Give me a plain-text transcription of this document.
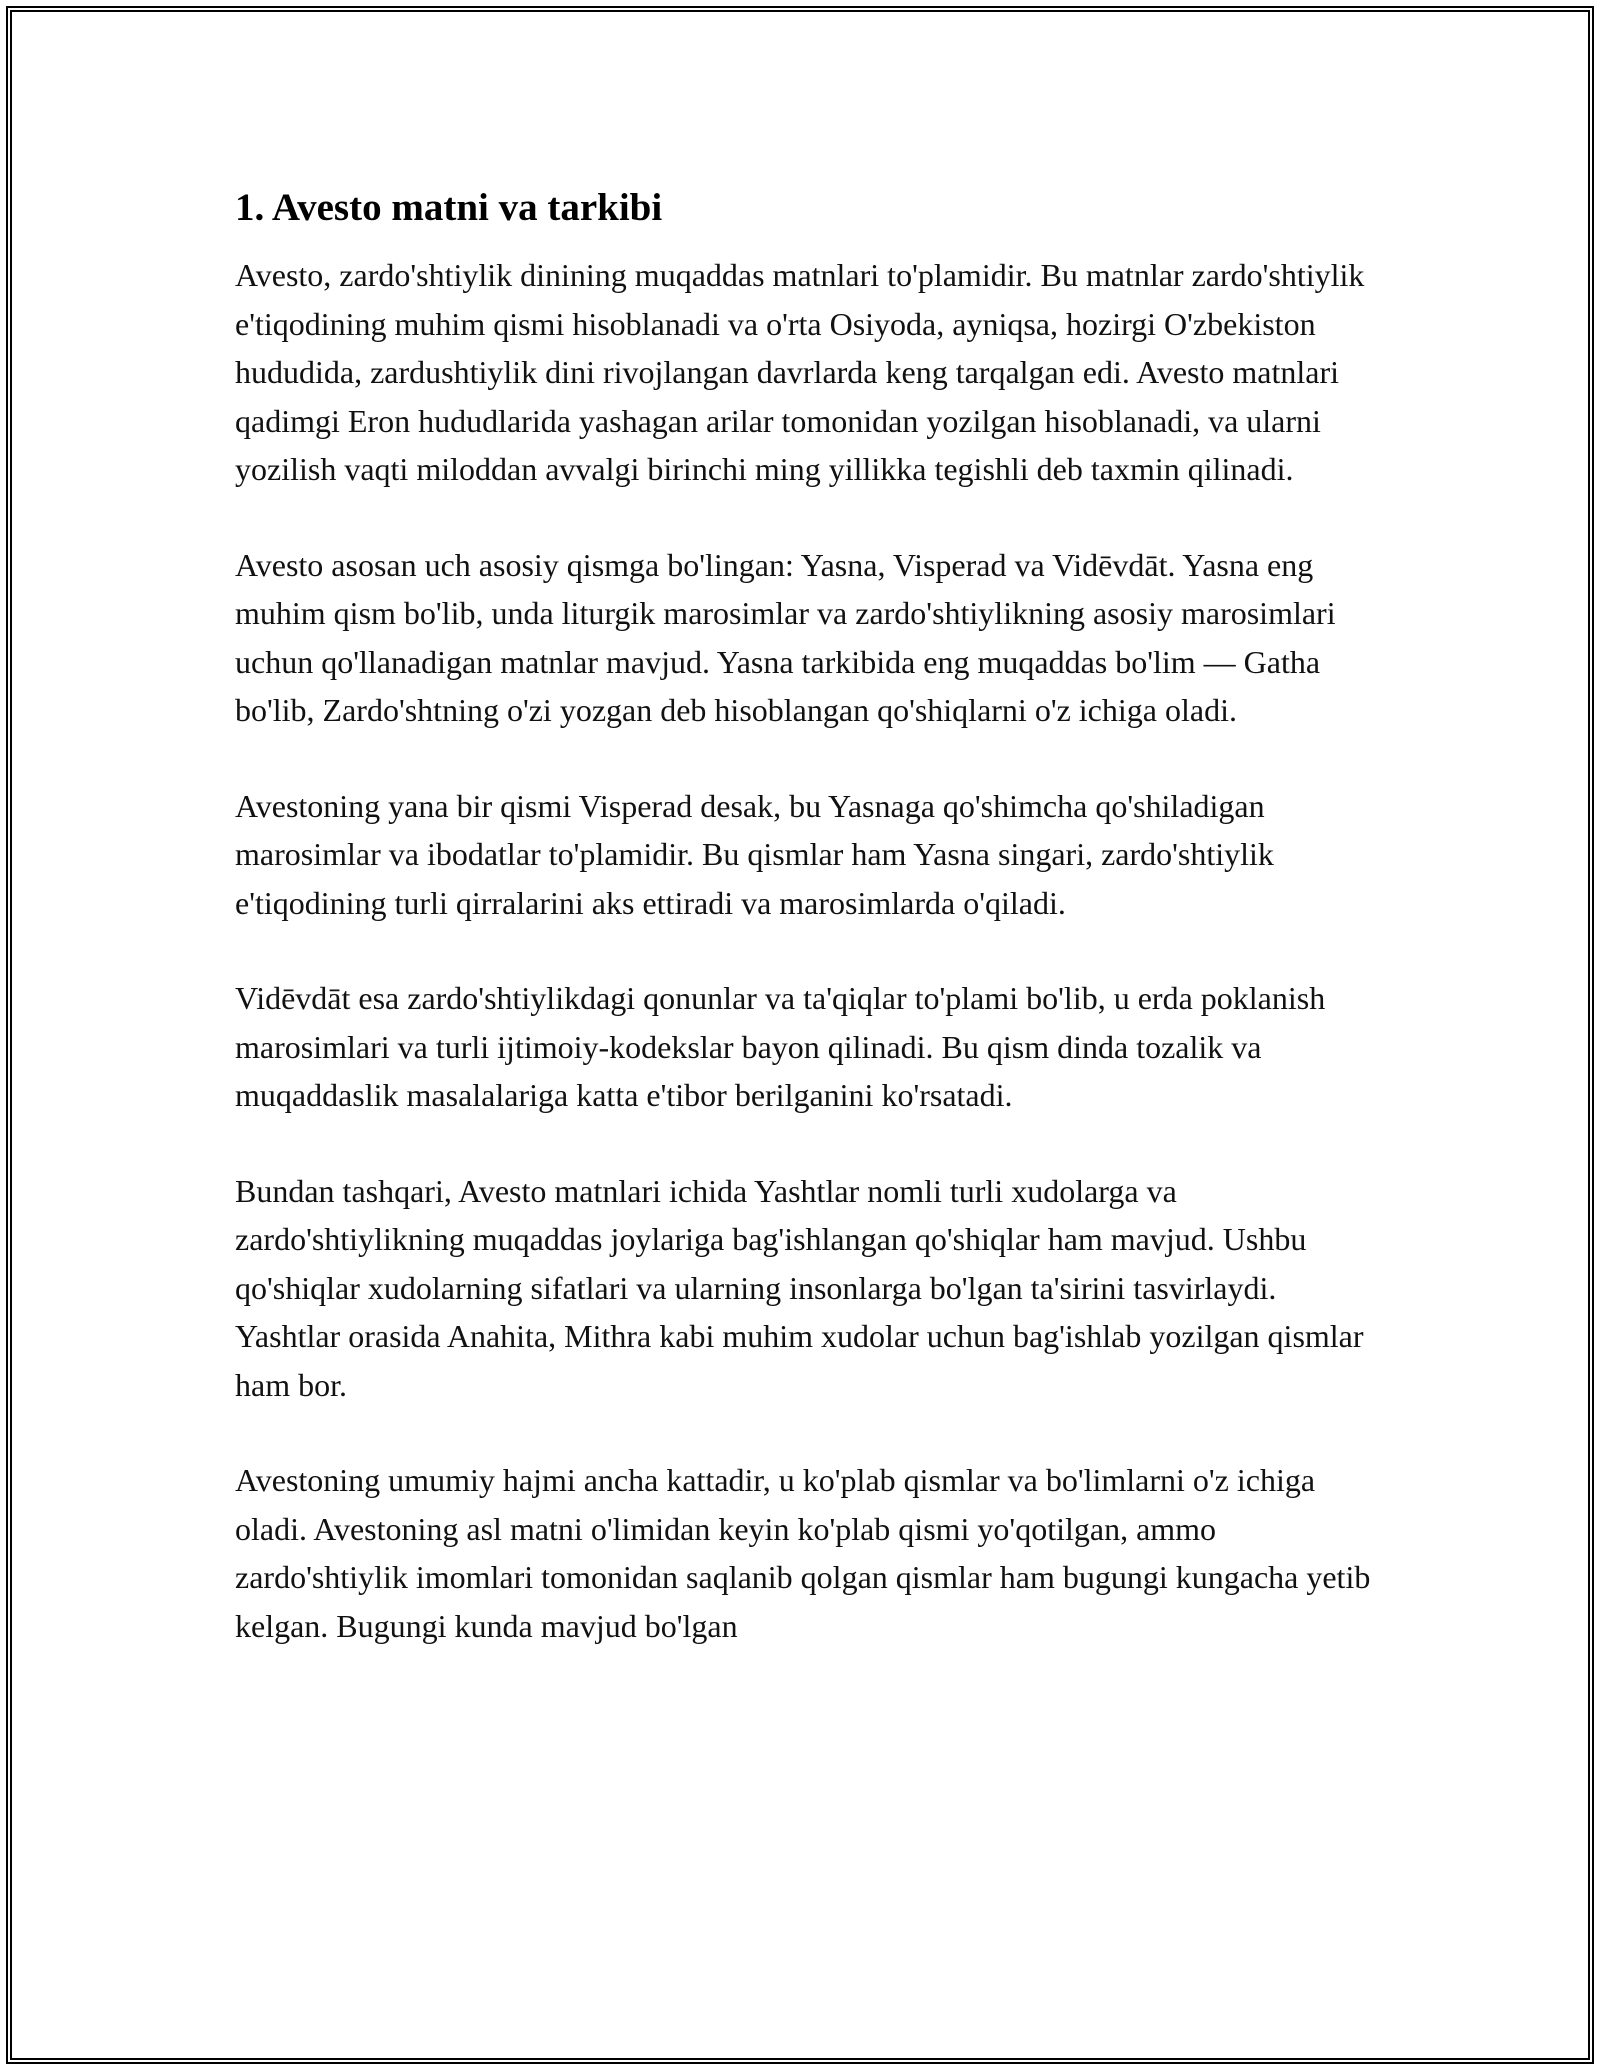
1. Avesto matni va tarkibi

Avesto, zardo'shtiylik dinining muqaddas matnlari to'plamidir. Bu matnlar zardo'shtiylik e'tiqodining muhim qismi hisoblanadi va o'rta Osiyoda, ayniqsa, hozirgi O'zbekiston hududida, zardushtiylik dini rivojlangan davrlarda keng tarqalgan edi. Avesto matnlari qadimgi Eron hududlarida yashagan arilar tomonidan yozilgan hisoblanadi, va ularni yozilish vaqti miloddan avvalgi birinchi ming yillikka tegishli deb taxmin qilinadi.

Avesto asosan uch asosiy qismga bo'lingan: Yasna, Visperad va Vidēvdāt. Yasna eng muhim qism bo'lib, unda liturgik marosimlar va zardo'shtiylikning asosiy marosimlari uchun qo'llanadigan matnlar mavjud. Yasna tarkibida eng muqaddas bo'lim — Gatha bo'lib, Zardo'shtning o'zi yozgan deb hisoblangan qo'shiqlarni o'z ichiga oladi.

Avestoning yana bir qismi Visperad desak, bu Yasnaga qo'shimcha qo'shiladigan marosimlar va ibodatlar to'plamidir. Bu qismlar ham Yasna singari, zardo'shtiylik e'tiqodining turli qirralarini aks ettiradi va marosimlarda o'qiladi.

Vidēvdāt esa zardo'shtiylikdagi qonunlar va ta'qiqlar to'plami bo'lib, u erda poklanish marosimlari va turli ijtimoiy-kodekslar bayon qilinadi. Bu qism dinda tozalik va muqaddaslik masalalariga katta e'tibor berilganini ko'rsatadi.

Bundan tashqari, Avesto matnlari ichida Yashtlar nomli turli xudolarga va zardo'shtiylikning muqaddas joylariga bag'ishlangan qo'shiqlar ham mavjud. Ushbu qo'shiqlar xudolarning sifatlari va ularning insonlarga bo'lgan ta'sirini tasvirlaydi. Yashtlar orasida Anahita, Mithra kabi muhim xudolar uchun bag'ishlab yozilgan qismlar ham bor.

Avestoning umumiy hajmi ancha kattadir, u ko'plab qismlar va bo'limlarni o'z ichiga oladi. Avestoning asl matni o'limidan keyin ko'plab qismi yo'qotilgan, ammo zardo'shtiylik imomlari tomonidan saqlanib qolgan qismlar ham bugungi kungacha yetib kelgan. Bugungi kunda mavjud bo'lgan
